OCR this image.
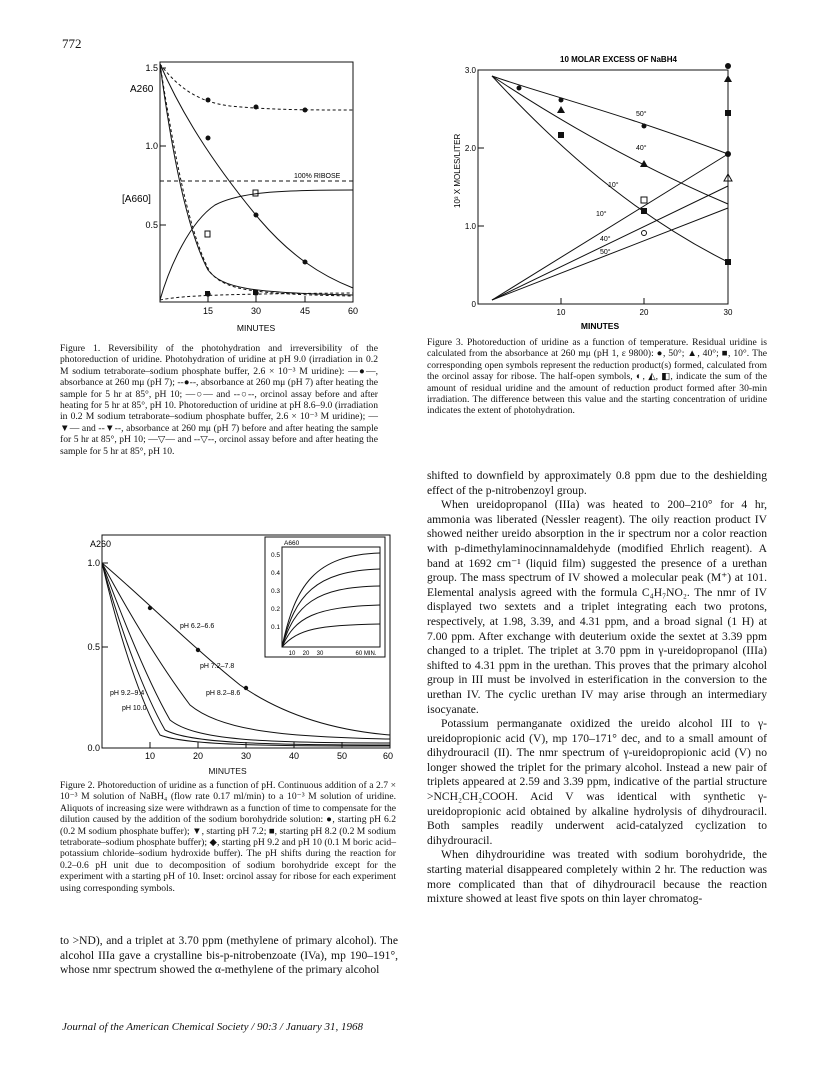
772
1.5
1.0
0.5
A260
[A660]
100% RIBOSE
15	30	45	60
MINUTES
Figure 1. Reversibility of the photohydration and irreversibility of the photoreduction of uridine. Photohydration of uridine at pH 9.0 (irradiation in 0.2 M sodium tetraborate–sodium phosphate buffer, 2.6 × 10⁻³ M uridine): —●—, absorbance at 260 mμ (pH 7); --●--, absorbance at 260 mμ (pH 7) after heating the sample for 5 hr at 85°, pH 10; —○— and --○--, orcinol assay before and after heating for 5 hr at 85°, pH 10. Photoreduction of uridine at pH 8.6–9.0 (irradiation in 0.2 M sodium tetraborate–sodium phosphate buffer, 2.6 × 10⁻³ M uridine); —▼— and --▼--, absorbance at 260 mμ (pH 7) before and after heating the sample for 5 hr at 85°, pH 10; —▽— and --▽--, orcinol assay before and after heating the sample for 5 hr at 85°, pH 10.
A260
1.0
0.5
0.0
10	20	30	40	50	60
pH 6.2–6.6
pH 7.2–7.8
pH 9.2–9.4	pH 8.2–8.6
pH 10.0
A660
0.5
0.4
0.3
0.2
0.1
10 20 30	60 MIN.
MINUTES
Figure 2. Photoreduction of uridine as a function of pH. Continuous addition of a 2.7 × 10⁻³ M solution of NaBH₄ (flow rate 0.17 ml/min) to a 10⁻³ M solution of uridine. Aliquots of increasing size were withdrawn as a function of time to compensate for the dilution caused by the addition of the sodium borohydride solution: ●, starting pH 6.2 (0.2 M sodium phosphate buffer); ▼, starting pH 7.2; ■, starting pH 8.2 (0.2 M sodium tetraborate–sodium phosphate buffer); ◆, starting pH 9.2 and pH 10 (0.1 M boric acid–potassium chloride–sodium hydroxide buffer). The pH shifts during the reaction for 0.2–0.6 pH unit due to decomposition of sodium borohydride except for the experiment with a starting pH of 10. Inset: orcinol assay for ribose for each experiment using corresponding symbols.

to >ND), and a triplet at 3.70 ppm (methylene of primary alcohol). The alcohol IIIa gave a crystalline bis-p-nitrobenzoate (IVa), mp 190–191°, whose nmr spectrum showed the α-methylene of the primary alcohol

10 MOLAR EXCESS OF NaBH4
3.0
2.0
1.0
0
10	20	30
MINUTES
10³ X MOLES/LITER
50°
40°
10°
10°
40°
50°
Figure 3. Photoreduction of uridine as a function of temperature. Residual uridine is calculated from the absorbance at 260 mμ (pH 1, ε 9800): ●, 50°; ▲, 40°; ■, 10°. The corresponding open symbols represent the reduction product(s) formed, calculated from the orcinol assay for ribose. The half-open symbols, ◐, ◭, ◧, indicate the sum of the amount of residual uridine and the amount of reduction product formed after 30-min irradiation. The difference between this value and the starting concentration of uridine indicates the extent of photohydration.

shifted to downfield by approximately 0.8 ppm due to the deshielding effect of the p-nitrobenzoyl group.

When ureidopropanol (IIIa) was heated to 200–210° for 4 hr, ammonia was liberated (Nessler reagent). The oily reaction product IV showed neither ureido absorption in the ir spectrum nor a color reaction with p-dimethylaminocinnamaldehyde (modified Ehrlich reagent). A band at 1692 cm⁻¹ (liquid film) suggested the presence of a urethan group. The mass spectrum of IV showed a molecular peak (M⁺) at 101. Elemental analysis agreed with the formula C₄H₇NO₂. The nmr of IV displayed two sextets and a triplet integrating each two protons, respectively, at 1.98, 3.39, and 4.31 ppm, and a broad signal (1 H) at 7.00 ppm. After exchange with deuterium oxide the sextet at 3.39 ppm changed to a triplet. The triplet at 3.70 ppm in γ-ureidopropanol (IIIa) shifted to 4.31 ppm in the urethan. This proves that the primary alcohol group in III must be involved in esterification in the conversion to the urethan IV. The cyclic urethan IV may arise through an intermediary isocyanate.

Potassium permanganate oxidized the ureido alcohol III to γ-ureidopropionic acid (V), mp 170–171° dec, and to a small amount of dihydrouracil (II). The nmr spectrum of γ-ureidopropionic acid (V) no longer showed the triplet for the primary alcohol. Instead a new pair of triplets appeared at 2.59 and 3.39 ppm, indicative of the partial structure >NCH₂CH₂COOH. Acid V was identical with synthetic γ-ureidopropionic acid obtained by alkaline hydrolysis of dihydrouracil. Both samples readily underwent acid-catalyzed cyclization to dihydrouracil.

When dihydrouridine was treated with sodium borohydride, the starting material disappeared completely within 2 hr. The reduction was more complicated than that of dihydrouracil because the reaction mixture showed at least five spots on thin layer chromatog-

Journal of the American Chemical Society / 90:3 / January 31, 1968
